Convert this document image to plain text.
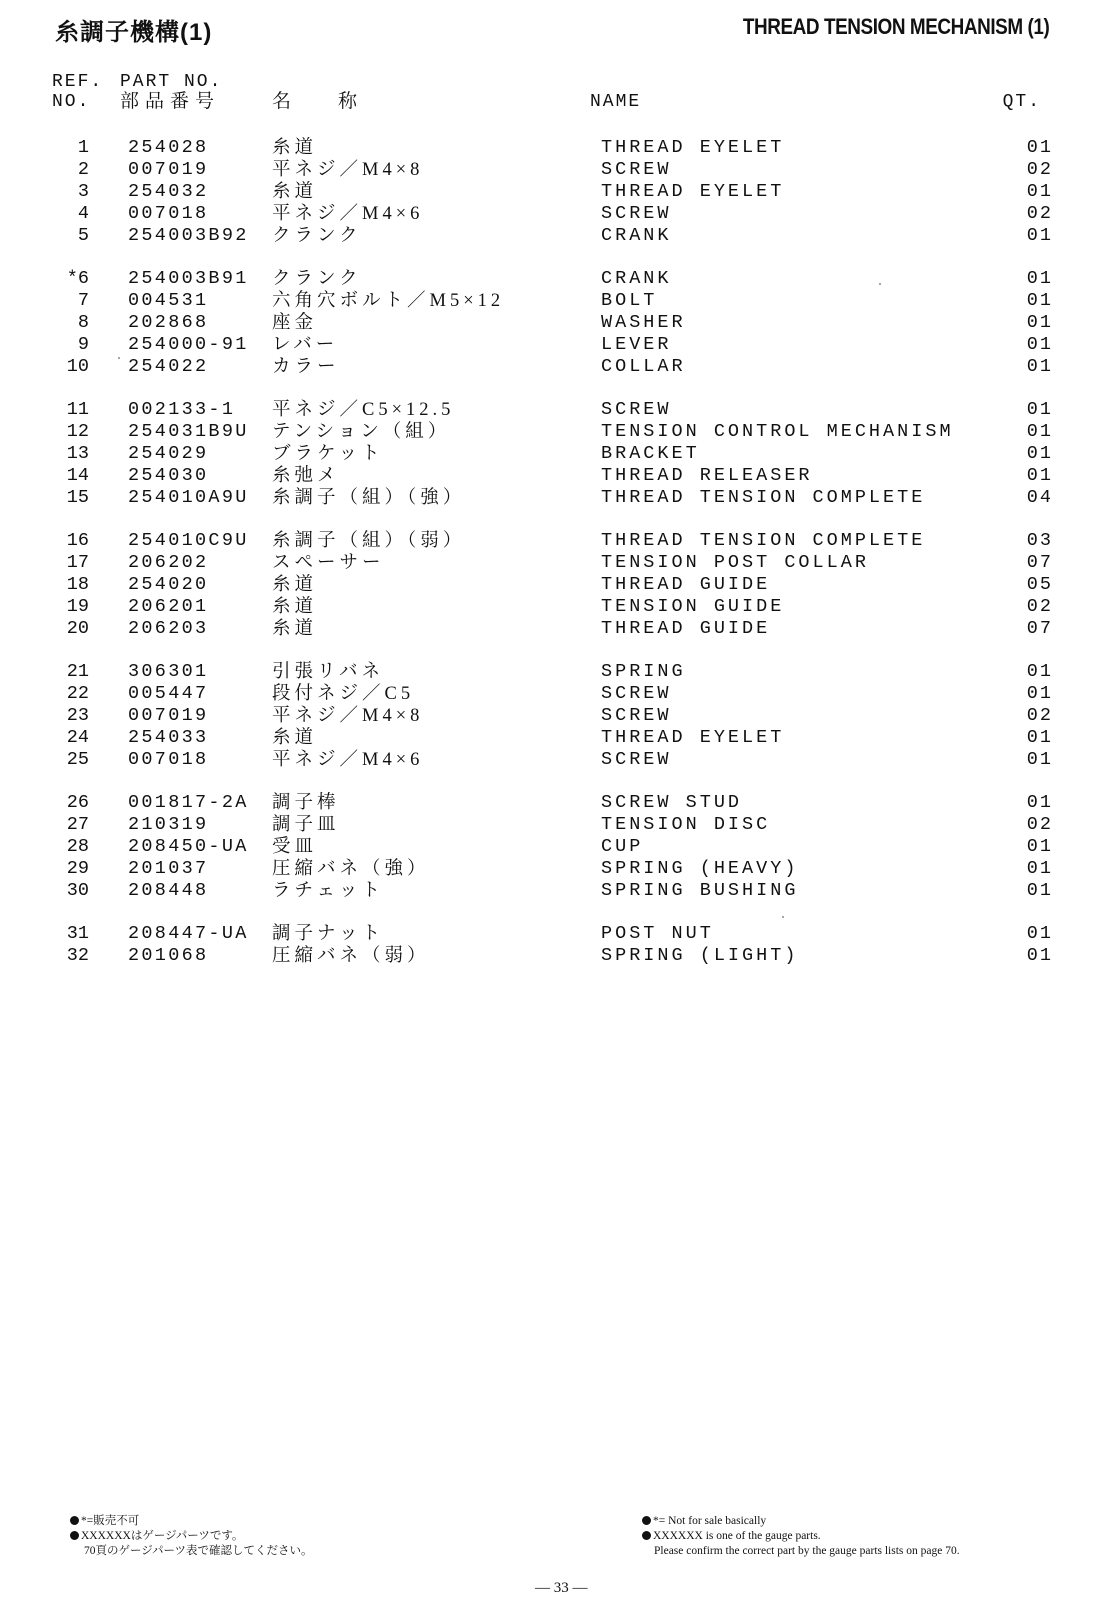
糸調子機構(1)	THREAD TENSION MECHANISM (1)
REF.
NO.
PART NO.
部品番号	名　称	NAME	QT.
1 254028	糸道	THREAD EYELET	01
2 007019	平ネジ／M4×8	SCREW	02
3 254032	糸道	THREAD EYELET	01
4 007018	平ネジ／M4×6	SCREW	02
5 254003B92 クランク	CRANK	01
*6 254003B91 クランク	CRANK	01
7 004531	六角穴ボルト／M5×12	BOLT	01
8 202868	座金	WASHER	01
9 254000-91 レバー	LEVER	01
10 254022	カラー	COLLAR	01
11 002133-1 平ネジ／C5×12.5	SCREW	01
12 254031B9U テンション（組）	TENSION CONTROL MECHANISM	01
13 254029	ブラケット	BRACKET	01
14 254030	糸弛メ	THREAD RELEASER	01
15 254010A9U 糸調子（組）（強）	THREAD TENSION COMPLETE	04
16 254010C9U 糸調子（組）（弱）	THREAD TENSION COMPLETE	03
17 206202	スペーサー	TENSION POST COLLAR	07
18 254020	糸道	THREAD GUIDE	05
19 206201	糸道	TENSION GUIDE	02
20 206203	糸道	THREAD GUIDE	07
21 306301	引張リバネ	SPRING	01
22 005447	段付ネジ／C5	SCREW	01
23 007019	平ネジ／M4×8	SCREW	02
24 254033	糸道	THREAD EYELET	01
25 007018	平ネジ／M4×6	SCREW	01
26 001817-2A 調子棒	SCREW STUD	01
27 210319	調子皿	TENSION DISC	02
28 208450-UA 受皿	CUP	01
29 201037	圧縮バネ（強）	SPRING (HEAVY)	01
30 208448	ラチェット	SPRING BUSHING	01
31 208447-UA 調子ナット	POST NUT	01
32 201068	圧縮バネ（弱）	SPRING (LIGHT)	01
*=販売不可
XXXXXXはゲージパーツです。
70頁のゲージパーツ表で確認してください。
*= Not for sale basically
XXXXXX is one of the gauge parts.
Please confirm the correct part by the gauge parts lists on page 70.
— 33 —
